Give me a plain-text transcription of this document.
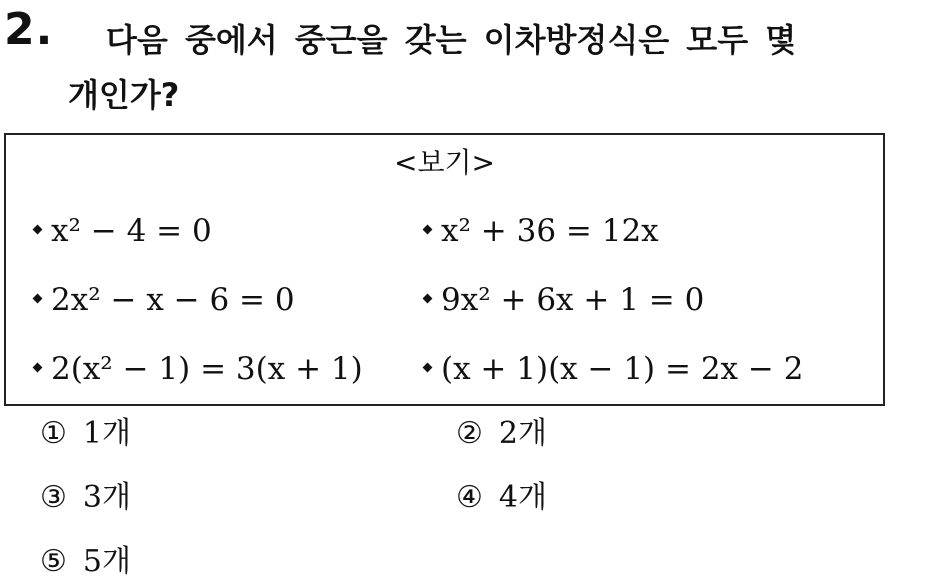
2. 다음 중에서 중근을 갖는 이차방정식은 모두 몇
개인가?
<보기>
x² − 4 = 0	x² + 36 = 12x
2x² − x − 6 = 0	9x² + 6x + 1 = 0
2(x² − 1) = 3(x + 1)	(x + 1)(x − 1) = 2x − 2
① 1개	② 2개
③ 3개	④ 4개
⑤ 5개
